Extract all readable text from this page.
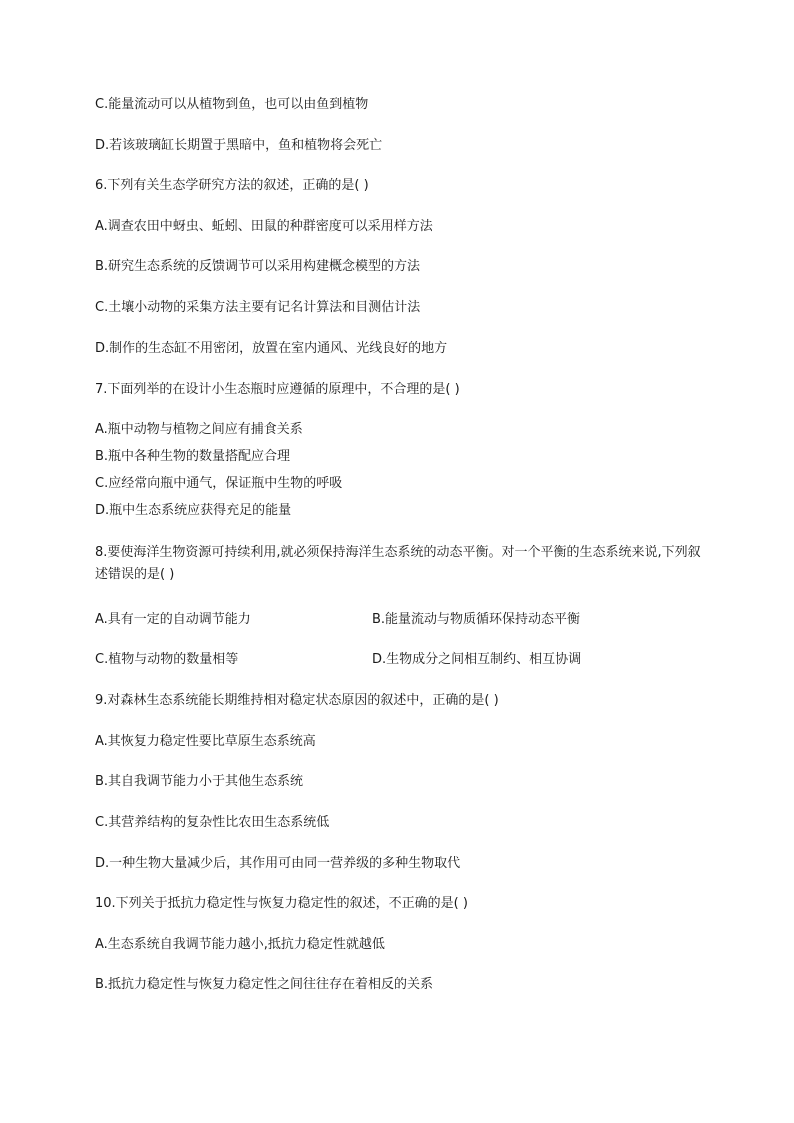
C.能量流动可以从植物到鱼，也可以由鱼到植物
D.若该玻璃缸长期置于黑暗中，鱼和植物将会死亡
6.下列有关生态学研究方法的叙述，正确的是( )
A.调查农田中蚜虫、蚯蚓、田鼠的种群密度可以采用样方法
B.研究生态系统的反馈调节可以采用构建概念模型的方法
C.土壤小动物的采集方法主要有记名计算法和目测估计法
D.制作的生态缸不用密闭，放置在室内通风、光线良好的地方
7.下面列举的在设计小生态瓶时应遵循的原理中，不合理的是( )
A.瓶中动物与植物之间应有捕食关系
B.瓶中各种生物的数量搭配应合理
C.应经常向瓶中通气，保证瓶中生物的呼吸
D.瓶中生态系统应获得充足的能量
8.要使海洋生物资源可持续利用,就必须保持海洋生态系统的动态平衡。对一个平衡的生态系统来说,下列叙述错误的是( )
A.具有一定的自动调节能力	B.能量流动与物质循环保持动态平衡
C.植物与动物的数量相等	D.生物成分之间相互制约、相互协调
9.对森林生态系统能长期维持相对稳定状态原因的叙述中，正确的是( )
A.其恢复力稳定性要比草原生态系统高
B.其自我调节能力小于其他生态系统
C.其营养结构的复杂性比农田生态系统低
D.一种生物大量减少后，其作用可由同一营养级的多种生物取代
10.下列关于抵抗力稳定性与恢复力稳定性的叙述，不正确的是( )
A.生态系统自我调节能力越小,抵抗力稳定性就越低
B.抵抗力稳定性与恢复力稳定性之间往往存在着相反的关系
